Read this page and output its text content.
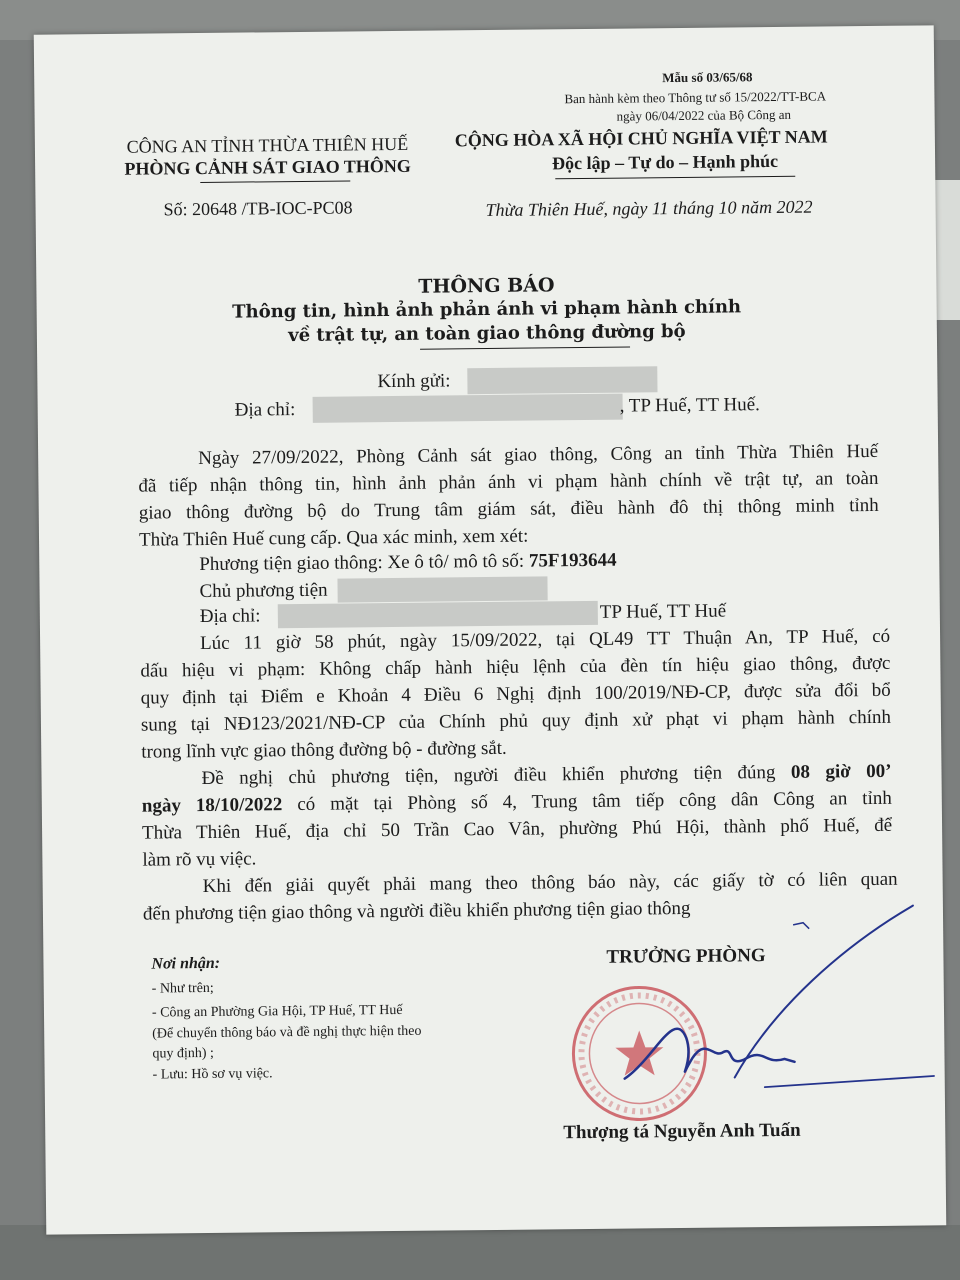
Mẫu số 03/65/68
Ban hành kèm theo Thông tư số 15/2022/TT-BCA
ngày 06/04/2022 của Bộ Công an
CÔNG AN TỈNH THỪA THIÊN HUẾ
PHÒNG CẢNH SÁT GIAO THÔNG
Số: 20648 /TB-IOC-PC08
CỘNG HÒA XÃ HỘI CHỦ NGHĨA VIỆT NAM
Độc lập – Tự do – Hạnh phúc
Thừa Thiên Huế, ngày 11 tháng 10 năm 2022
THÔNG BÁO
Thông tin, hình ảnh phản ánh vi phạm hành chính
về trật tự, an toàn giao thông đường bộ
Kính gửi:
Địa chỉ:	, TP Huế, TT Huế.
Ngày 27/09/2022, Phòng Cảnh sát giao thông, Công an tỉnh Thừa Thiên Huế
đã tiếp nhận thông tin, hình ảnh phản ánh vi phạm hành chính về trật tự, an toàn
giao thông đường bộ do Trung tâm giám sát, điều hành đô thị thông minh tỉnh
Thừa Thiên Huế cung cấp. Qua xác minh, xem xét:
Phương tiện giao thông: Xe ô tô/ mô tô số: 75F193644
Chủ phương tiện
Địa chỉ:	TP Huế, TT Huế
Lúc 11 giờ 58 phút, ngày 15/09/2022, tại QL49 TT Thuận An, TP Huế, có
dấu hiệu vi phạm: Không chấp hành hiệu lệnh của đèn tín hiệu giao thông, được
quy định tại Điểm e Khoản 4 Điều 6 Nghị định 100/2019/NĐ-CP, được sửa đổi bổ
sung tại NĐ123/2021/NĐ-CP của Chính phủ quy định xử phạt vi phạm hành chính
trong lĩnh vực giao thông đường bộ - đường sắt.
Đề nghị chủ phương tiện, người điều khiển phương tiện đúng 08 giờ 00’
ngày 18/10/2022 có mặt tại Phòng số 4, Trung tâm tiếp công dân Công an tỉnh
Thừa Thiên Huế, địa chỉ 50 Trần Cao Vân, phường Phú Hội, thành phố Huế, để
làm rõ vụ việc.
Khi đến giải quyết phải mang theo thông báo này, các giấy tờ có liên quan
đến phương tiện giao thông và người điều khiển phương tiện giao thông
Nơi nhận:
- Như trên;
- Công an Phường Gia Hội, TP Huế, TT Huế
(Để chuyển thông báo và đề nghị thực hiện theo
quy định) ;
- Lưu: Hồ sơ vụ việc.
TRƯỞNG PHÒNG
Thượng tá Nguyễn Anh Tuấn
